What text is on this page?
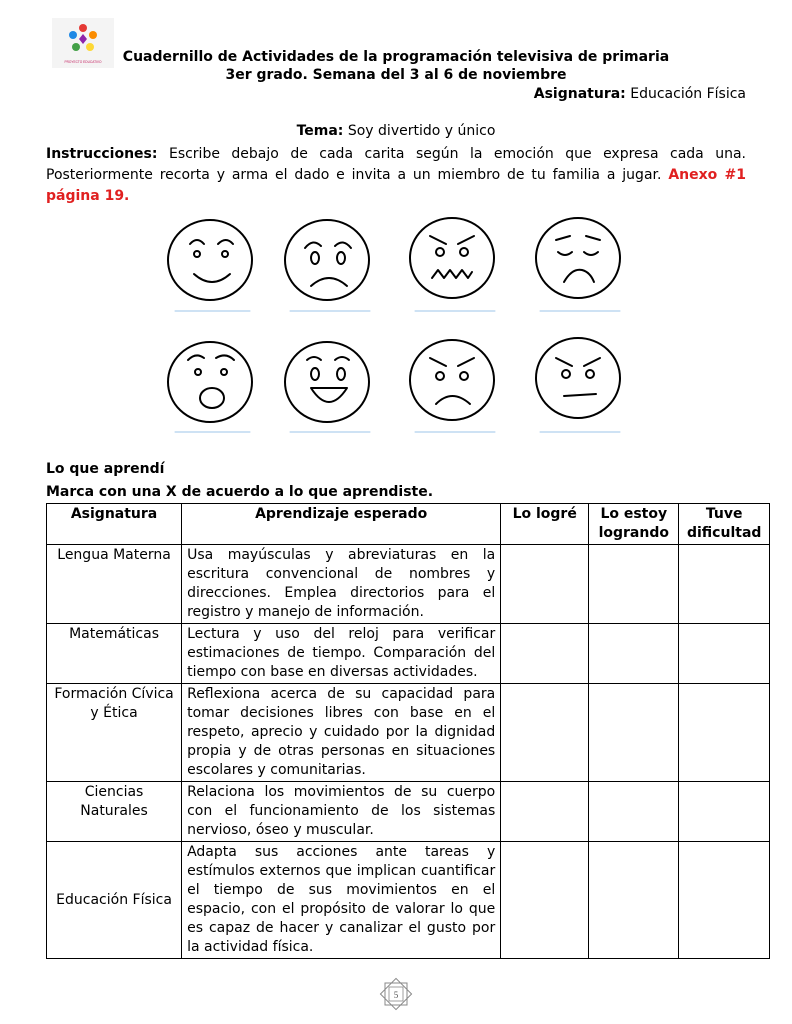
PROYECTO EDUCATIVO	Cuadernillo de Actividades de la programación televisiva de primaria
3er grado. Semana del 3 al 6 de noviembre
Asignatura: Educación Física
Tema: Soy divertido y único
Instrucciones: Escribe debajo de cada carita según la emoción que expresa cada una. Posteriormente recorta y arma el dado e invita a un miembro de tu familia a jugar. Anexo #1 página 19.
Lo que aprendí
Marca con una X de acuerdo a lo que aprendiste.
Asignatura	Aprendizaje esperado	Lo logré	Lo estoy logrando	Tuve dificultad
Lengua Materna	Usa mayúsculas y abreviaturas en la escritura convencional de nombres y direcciones. Emplea directorios para el registro y manejo de información.			
Matemáticas	Lectura y uso del reloj para verificar estimaciones de tiempo. Comparación del tiempo con base en diversas actividades.			
Formación Cívica y Ética	Reflexiona acerca de su capacidad para tomar decisiones libres con base en el respeto, aprecio y cuidado por la dignidad propia y de otras personas en situaciones escolares y comunitarias.			
Ciencias Naturales	Relaciona los movimientos de su cuerpo con el funcionamiento de los sistemas nervioso, óseo y muscular.			
Educación Física	Adapta sus acciones ante tareas y estímulos externos que implican cuantificar el tiempo de sus movimientos en el espacio, con el propósito de valorar lo que es capaz de hacer y canalizar el gusto por la actividad física.			
5
